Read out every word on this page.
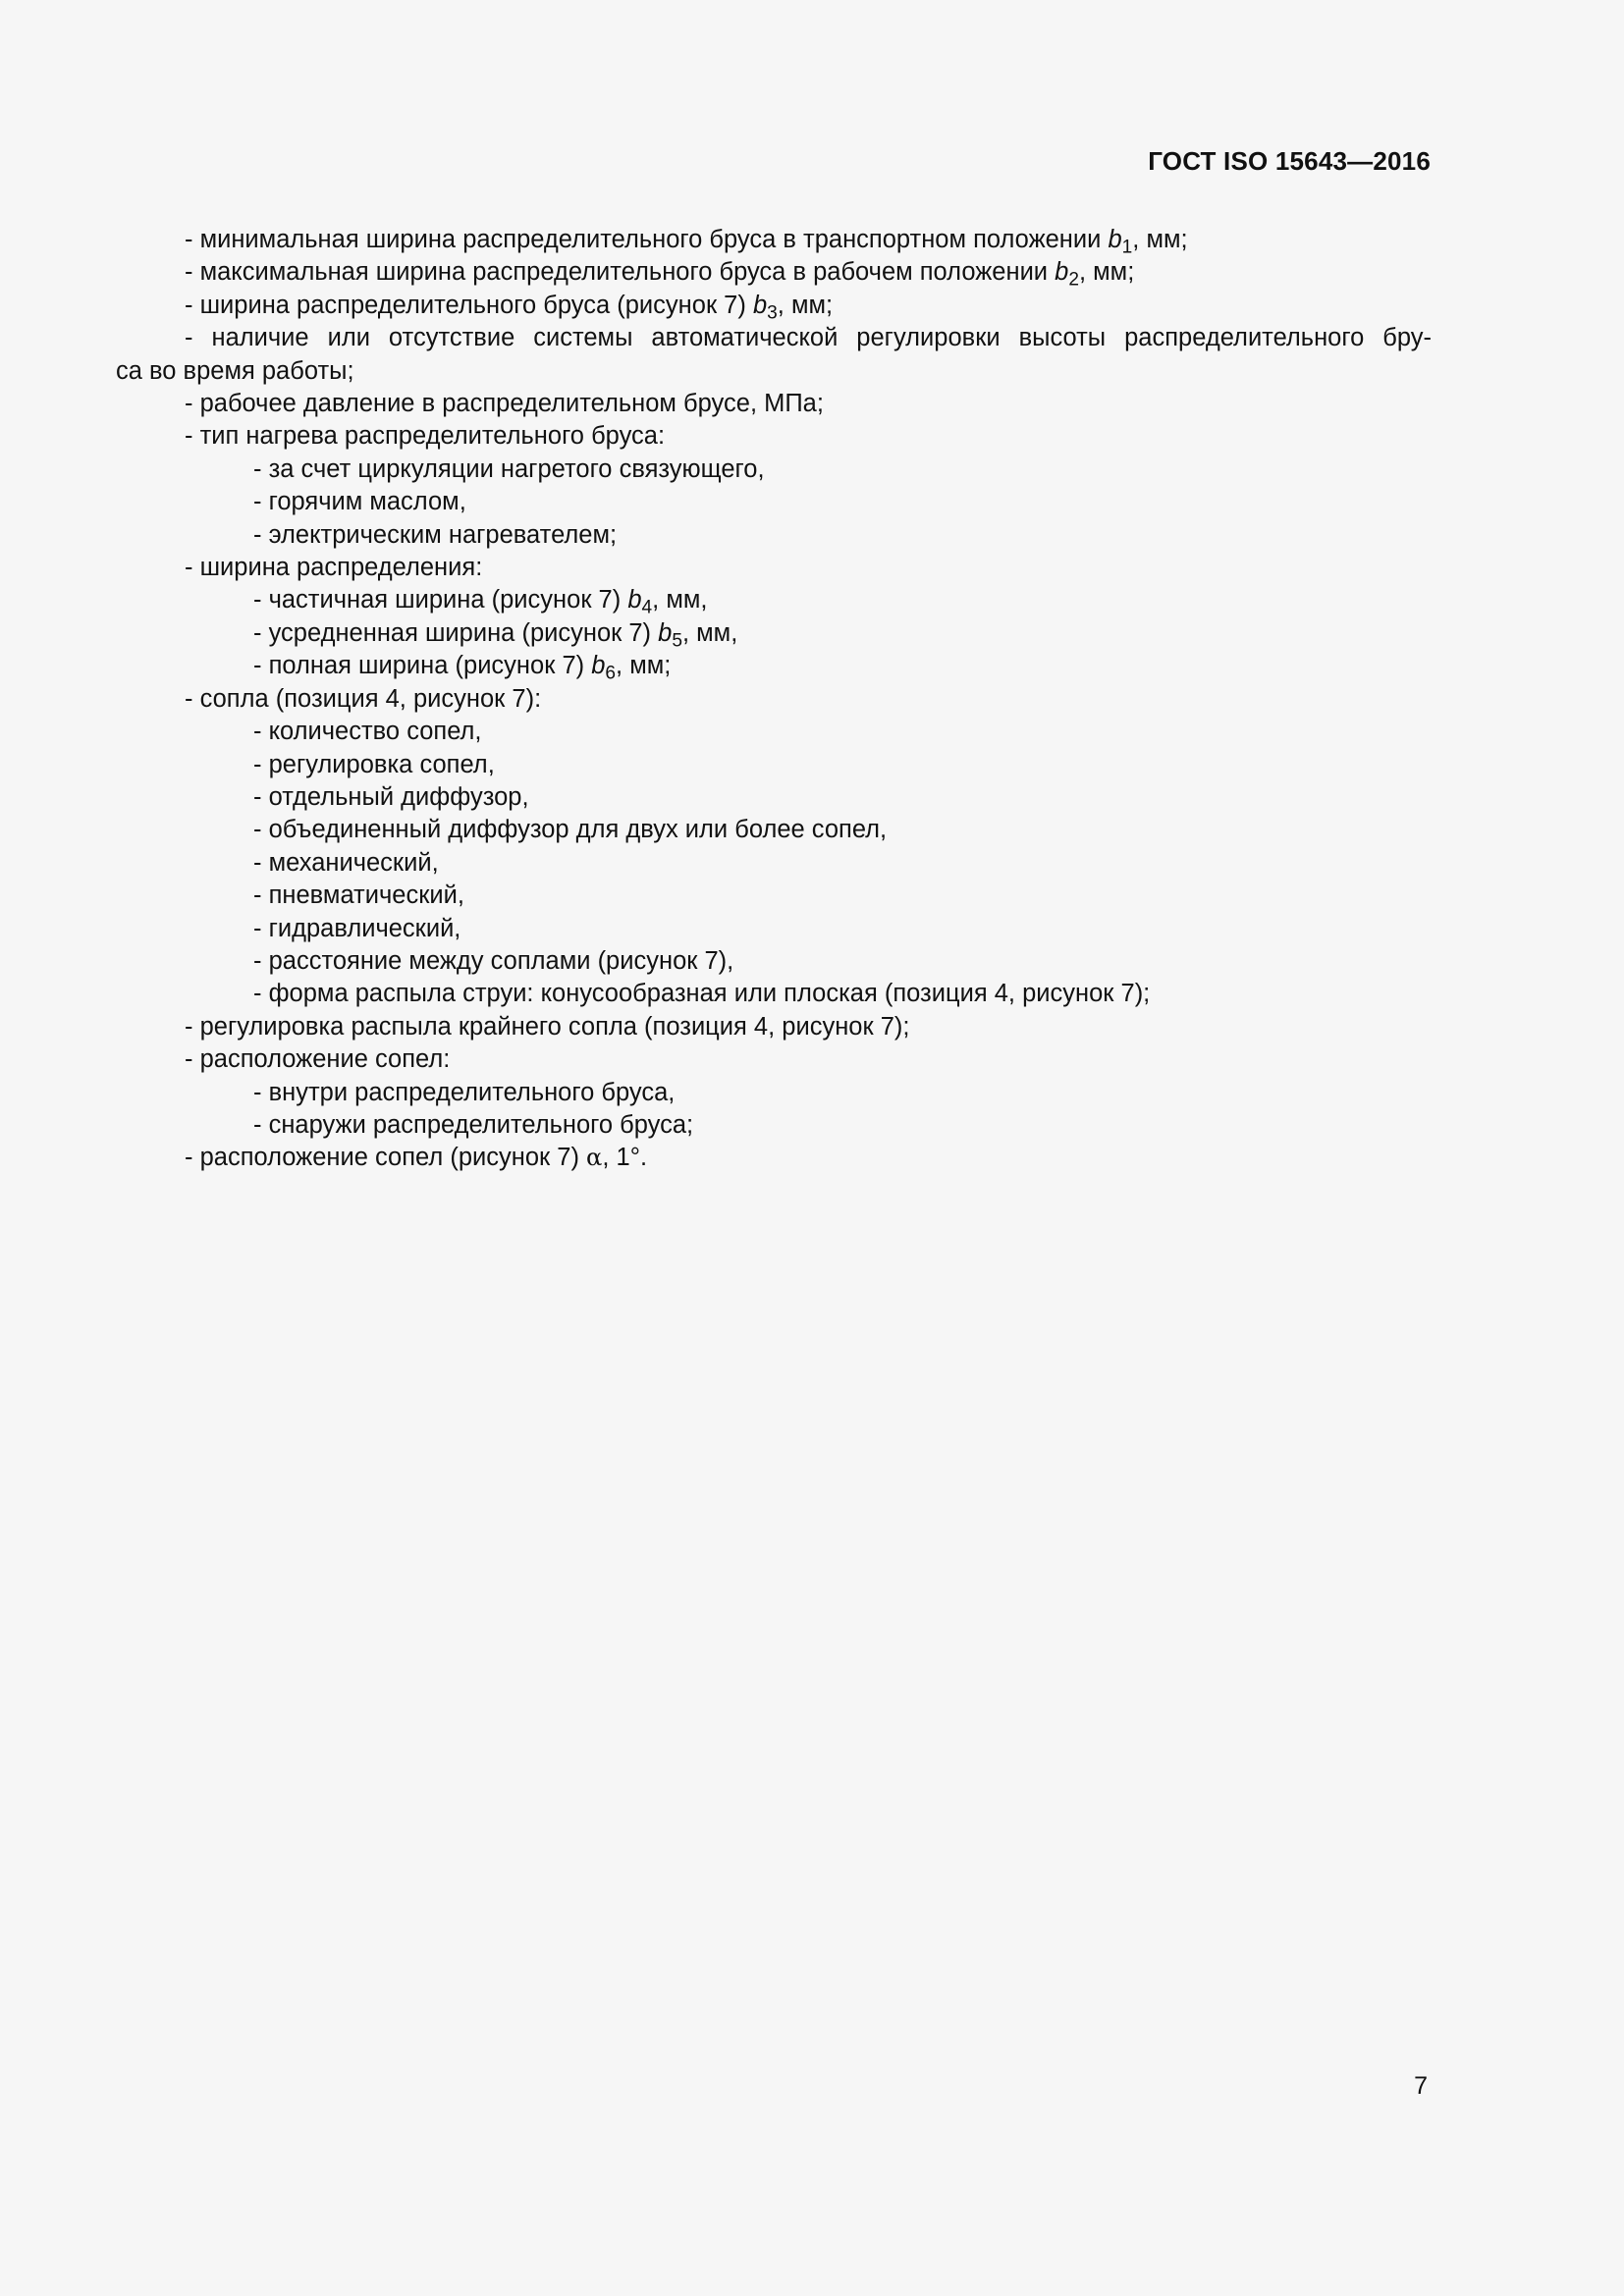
ГОСТ ISO 15643—2016
- минимальная ширина распределительного бруса в транспортном положении $b_1$, мм;
- максимальная ширина распределительного бруса в рабочем положении $b_2$, мм;
- ширина распределительного бруса (рисунок 7) $b_3$, мм;
- наличие или отсутствие системы автоматической регулировки высоты распределительного бру-
са во время работы;
- рабочее давление в распределительном брусе, МПа;
- тип нагрева распределительного бруса:
- за счет циркуляции нагретого связующего,
- горячим маслом,
- электрическим нагревателем;
- ширина распределения:
- частичная ширина (рисунок 7) $b_4$, мм,
- усредненная ширина (рисунок 7) $b_5$, мм,
- полная ширина (рисунок 7) $b_6$, мм;
- сопла (позиция 4, рисунок 7):
- количество сопел,
- регулировка сопел,
- отдельный диффузор,
- объединенный диффузор для двух или более сопел,
- механический,
- пневматический,
- гидравлический,
- расстояние между соплами (рисунок 7),
- форма распыла струи: конусообразная или плоская (позиция 4, рисунок 7);
- регулировка распыла крайнего сопла (позиция 4, рисунок 7);
- расположение сопел:
- внутри распределительного бруса,
- снаружи распределительного бруса;
- расположение сопел (рисунок 7) α, 1°.
7
